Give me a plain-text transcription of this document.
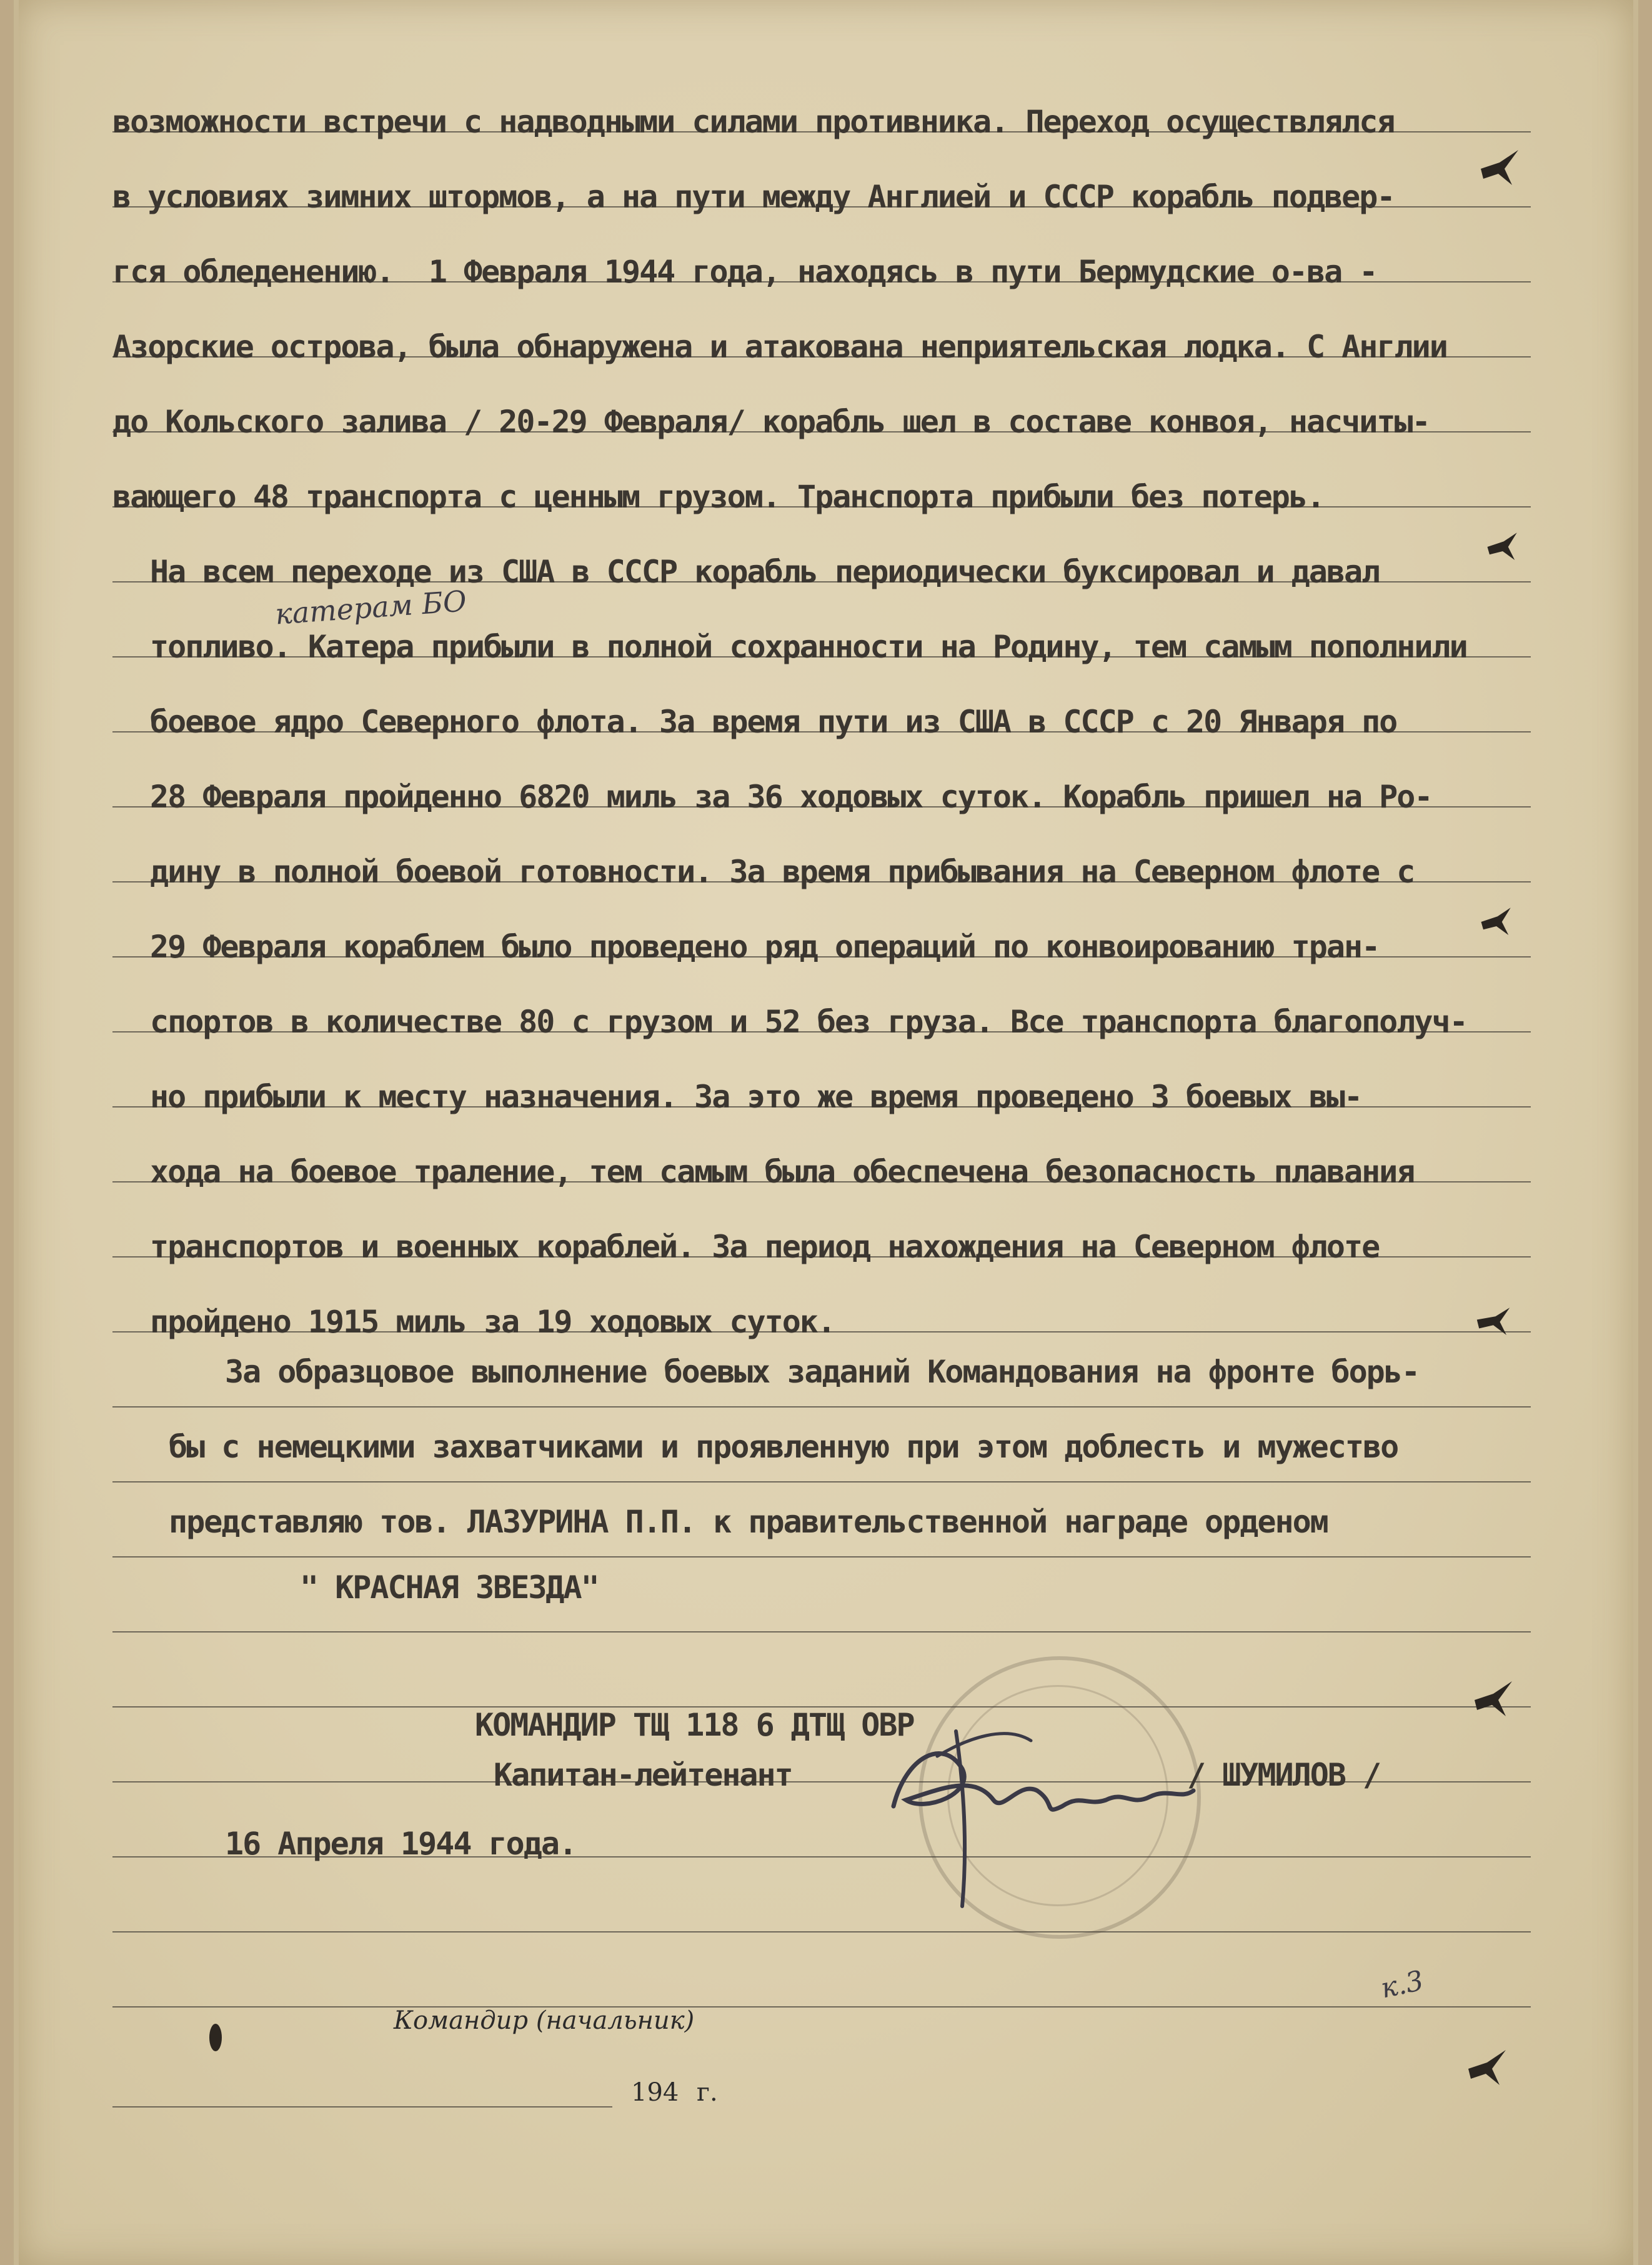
возможности встречи с надводными силами противника. Переход осуществлялся
в условиях зимних штормов, а на пути между Англией и СССР корабль подвер-
гся обледенению.  1 Февраля 1944 года, находясь в пути Бермудские о-ва -
Азорские острова, была обнаружена и атакована неприятельская лодка. С Англии
до Кольского залива / 20-29 Февраля/ корабль шел в составе конвоя, насчиты-
вающего 48 транспорта с ценным грузом. Транспорта прибыли без потерь.
На всем переходе из США в СССР корабль периодически буксировал и давал
топливо. Катера прибыли в полной сохранности на Родину, тем самым пополнили
боевое ядро Северного флота. За время пути из США в СССР с 20 Января по
28 Февраля пройденно 6820 миль за 36 ходовых суток. Корабль пришел на Ро-
дину в полной боевой готовности. За время прибывания на Северном флоте с
29 Февраля кораблем было проведено ряд операций по конвоированию тран-
спортов в количестве 80 с грузом и 52 без груза. Все транспорта благополуч-
но прибыли к месту назначения. За это же время проведено 3 боевых вы-
хода на боевое траление, тем самым была обеспечена безопасность плавания
транспортов и военных кораблей. За период нахождения на Северном флоте
пройдено 1915 миль за 19 ходовых суток.
За образцовое выполнение боевых заданий Командования на фронте борь-
бы с немецкими захватчиками и проявленную при этом доблесть и мужество
представляю тов. ЛАЗУРИНА П.П. к правительственной награде орденом
" КРАСНАЯ ЗВЕЗДА"
КОМАНДИР ТЩ 118 6 ДТЩ ОВР
Капитан-лейтенант	/ ШУМИЛОВ /
16 Апреля 1944 года.
катерам БО
к.3
Командир (начальник)
194 г.
